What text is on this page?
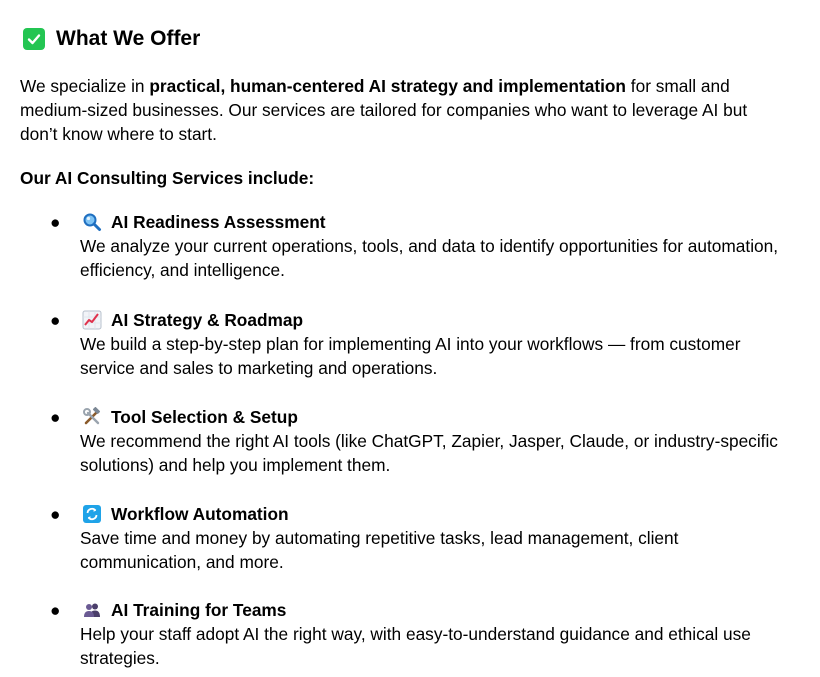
What We Offer
We specialize in practical, human-centered AI strategy and implementation for small and medium-sized businesses. Our services are tailored for companies who want to leverage AI but don’t know where to start.
Our AI Consulting Services include:
●	AI Readiness Assessment
We analyze your current operations, tools, and data to identify opportunities for automation, efficiency, and intelligence.
●	AI Strategy & Roadmap
We build a step-by-step plan for implementing AI into your workflows — from customer service and sales to marketing and operations.
●	Tool Selection & Setup
We recommend the right AI tools (like ChatGPT, Zapier, Jasper, Claude, or industry-specific solutions) and help you implement them.
●	Workflow Automation
Save time and money by automating repetitive tasks, lead management, client communication, and more.
●	AI Training for Teams
Help your staff adopt AI the right way, with easy-to-understand guidance and ethical use strategies.
